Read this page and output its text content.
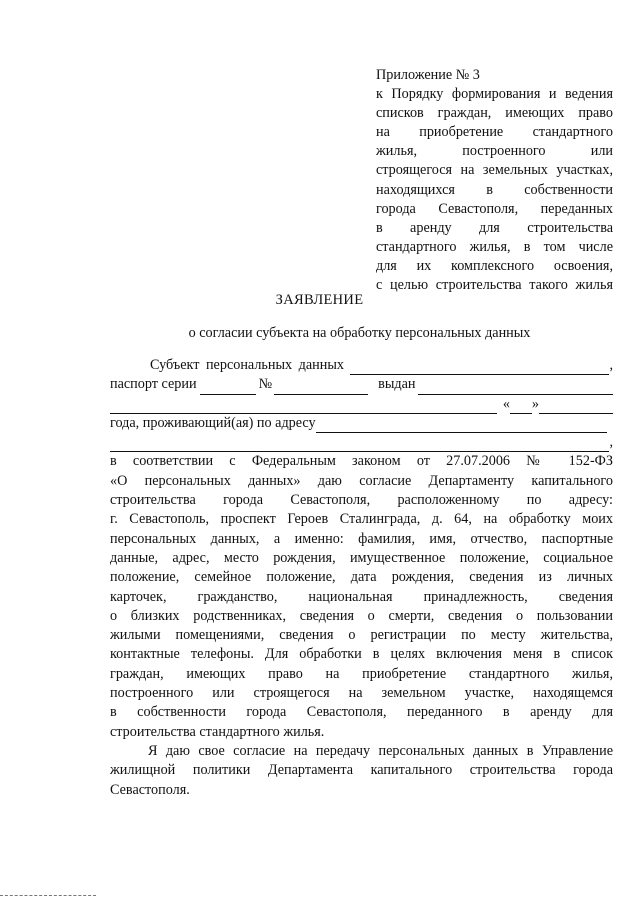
Приложение № 3
к Порядку формирования и ведения
списков граждан, имеющих право
на приобретение стандартного
жилья, построенного или
строящегося на земельных участках,
находящихся в собственности
города Севастополя, переданных
в аренду для строительства
стандартного жилья, в том числе
для их комплексного освоения,
с целью строительства такого жилья
ЗАЯВЛЕНИЕ
о согласии субъекта на обработку персональных данных
Субъект персональных данных	,
паспорт серии	№	выдан
« »
года, проживающий(ая) по адресу
,
в соответствии с Федеральным законом от 27.07.2006 № 152-ФЗ
«О персональных данных» даю согласие Департаменту капитального
строительства города Севастополя, расположенному по адресу:
г. Севастополь, проспект Героев Сталинграда, д. 64, на обработку моих
персональных данных, а именно: фамилия, имя, отчество, паспортные
данные, адрес, место рождения, имущественное положение, социальное
положение, семейное положение, дата рождения, сведения из личных
карточек, гражданство, национальная принадлежность, сведения
о близких родственниках, сведения о смерти, сведения о пользовании
жилыми помещениями, сведения о регистрации по месту жительства,
контактные телефоны. Для обработки в целях включения меня в список
граждан, имеющих право на приобретение стандартного жилья,
построенного или строящегося на земельном участке, находящемся
в собственности города Севастополя, переданного в аренду для
строительства стандартного жилья.
Я даю свое согласие на передачу персональных данных в Управление
жилищной политики Департамента капитального строительства города
Севастополя.
